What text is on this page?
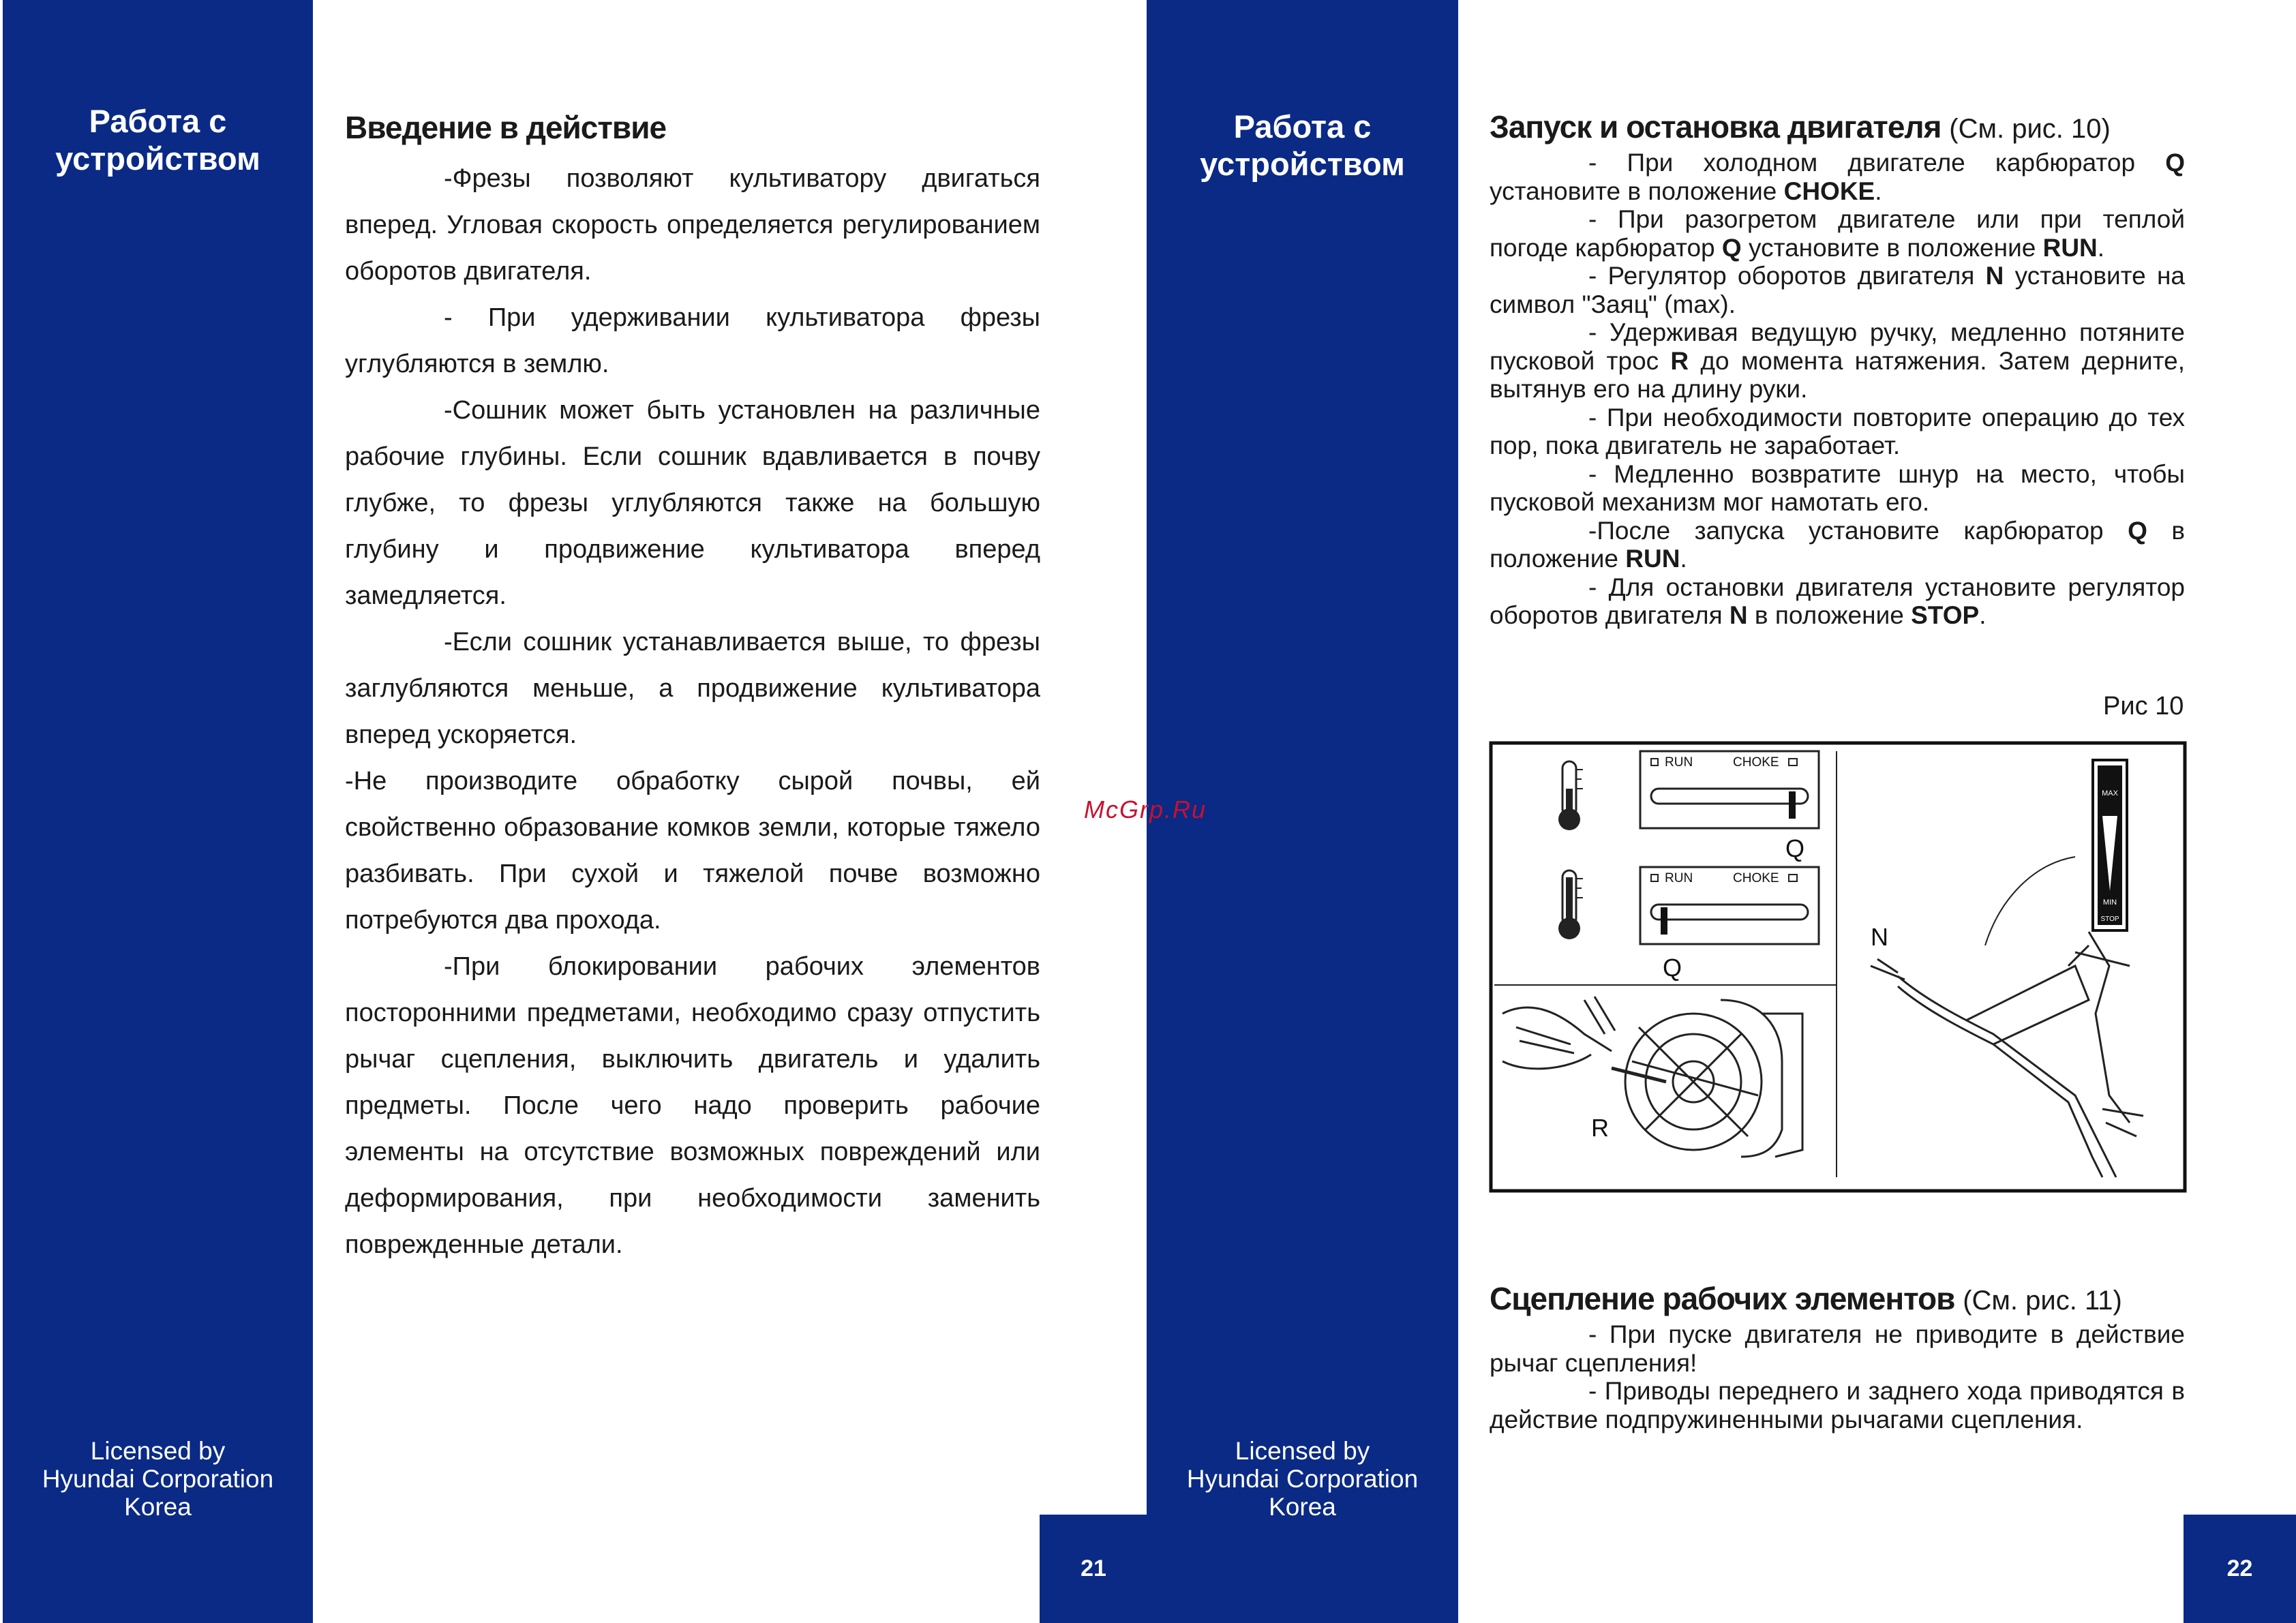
21	22
Работа с устройством
Licensed by
Hyundai Corporation
Korea
Работа с устройством
Licensed by
Hyundai Corporation
Korea
McGrp.Ru
Введение в действие

-Фрезы позволяют культиватору двигаться вперед. Угловая скорость определяется регулированием оборотов двигателя.

- При удерживании культиватора фрезы углубляются в землю.

-Сошник может быть установлен на различные рабочие глубины. Если сошник вдавливается в почву глубже, то фрезы углубляются также на большую глубину и продвижение культиватора вперед замедляется.

-Если сошник устанавливается выше, то фрезы заглубляются меньше, а продвижение культиватора вперед ускоряется.

-Не производите обработку сырой почвы, ей свойственно образование комков земли, которые тяжело разбивать. При сухой и тяжелой почве возможно потребуются два прохода.

-При блокировании рабочих элементов посторонними предметами, необходимо сразу отпустить рычаг сцепления, выключить двигатель и удалить предметы. После чего надо проверить рабочие элементы на отсутствие возможных повреждений или деформирования, при необходимости заменить поврежденные детали.

Запуск и остановка двигателя (См. рис. 10)

- При холодном двигателе карбюратор Q установите в положение CHOKE.

- При разогретом двигателе или при теплой погоде карбюратор Q установите в положение RUN.

- Регулятор оборотов двигателя N установите на символ "Заяц" (max).

- Удерживая ведущую ручку, медленно потяните пусковой трос R до момента натяжения. Затем дерните, вытянув его на длину руки.

- При необходимости повторите операцию до тех пор, пока двигатель не заработает.

- Медленно возвратите шнур на место, чтобы пусковой механизм мог намотать его.

-После запуска установите карбюратор Q в положение RUN.

- Для остановки двигателя установите регулятор оборотов двигателя N в положение STOP.

Рис 10
RUN	CHOKE
Q
RUN	CHOKE
Q
R
MAX
MIN
STOP
N
Сцепление рабочих элементов (См. рис. 11)

- При пуске двигателя не приводите в действие рычаг сцепления!

- Приводы переднего и заднего хода приводятся в действие подпружиненными рычагами сцепления.
